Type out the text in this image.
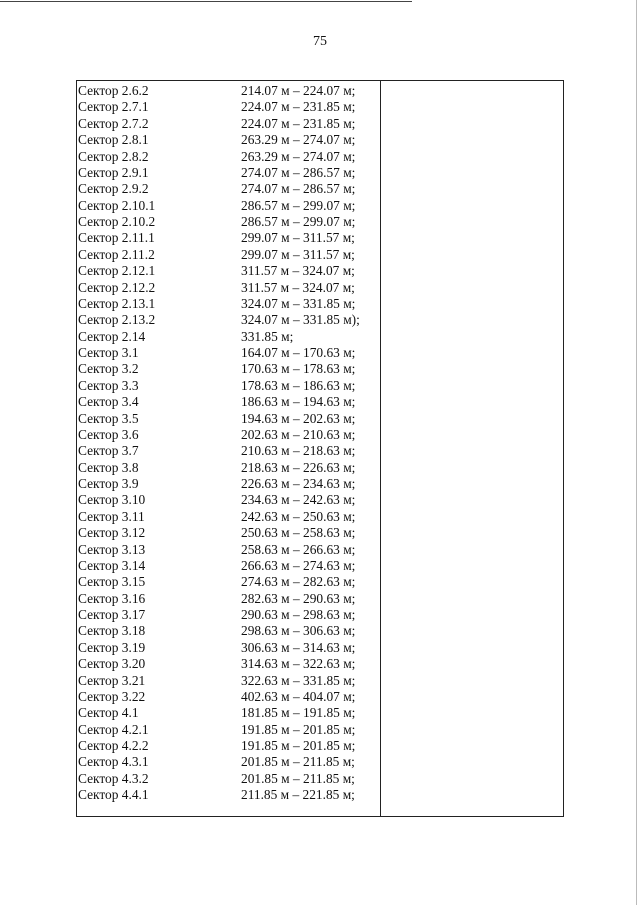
75
Сектор 2.6.2	214.07 м – 224.07 м;
Сектор 2.7.1	224.07 м – 231.85 м;
Сектор 2.7.2	224.07 м – 231.85 м;
Сектор 2.8.1	263.29 м – 274.07 м;
Сектор 2.8.2	263.29 м – 274.07 м;
Сектор 2.9.1	274.07 м – 286.57 м;
Сектор 2.9.2	274.07 м – 286.57 м;
Сектор 2.10.1	286.57 м – 299.07 м;
Сектор 2.10.2	286.57 м – 299.07 м;
Сектор 2.11.1	299.07 м – 311.57 м;
Сектор 2.11.2	299.07 м – 311.57 м;
Сектор 2.12.1	311.57 м – 324.07 м;
Сектор 2.12.2	311.57 м – 324.07 м;
Сектор 2.13.1	324.07 м – 331.85 м;
Сектор 2.13.2	324.07 м – 331.85 м);
Сектор 2.14	331.85 м;
Сектор 3.1	164.07 м – 170.63 м;
Сектор 3.2	170.63 м – 178.63 м;
Сектор 3.3	178.63 м – 186.63 м;
Сектор 3.4	186.63 м – 194.63 м;
Сектор 3.5	194.63 м – 202.63 м;
Сектор 3.6	202.63 м – 210.63 м;
Сектор 3.7	210.63 м – 218.63 м;
Сектор 3.8	218.63 м – 226.63 м;
Сектор 3.9	226.63 м – 234.63 м;
Сектор 3.10	234.63 м – 242.63 м;
Сектор 3.11	242.63 м – 250.63 м;
Сектор 3.12	250.63 м – 258.63 м;
Сектор 3.13	258.63 м – 266.63 м;
Сектор 3.14	266.63 м – 274.63 м;
Сектор 3.15	274.63 м – 282.63 м;
Сектор 3.16	282.63 м – 290.63 м;
Сектор 3.17	290.63 м – 298.63 м;
Сектор 3.18	298.63 м – 306.63 м;
Сектор 3.19	306.63 м – 314.63 м;
Сектор 3.20	314.63 м – 322.63 м;
Сектор 3.21	322.63 м – 331.85 м;
Сектор 3.22	402.63 м – 404.07 м;
Сектор 4.1	181.85 м – 191.85 м;
Сектор 4.2.1	191.85 м – 201.85 м;
Сектор 4.2.2	191.85 м – 201.85 м;
Сектор 4.3.1	201.85 м – 211.85 м;
Сектор 4.3.2	201.85 м – 211.85 м;
Сектор 4.4.1	211.85 м – 221.85 м;
